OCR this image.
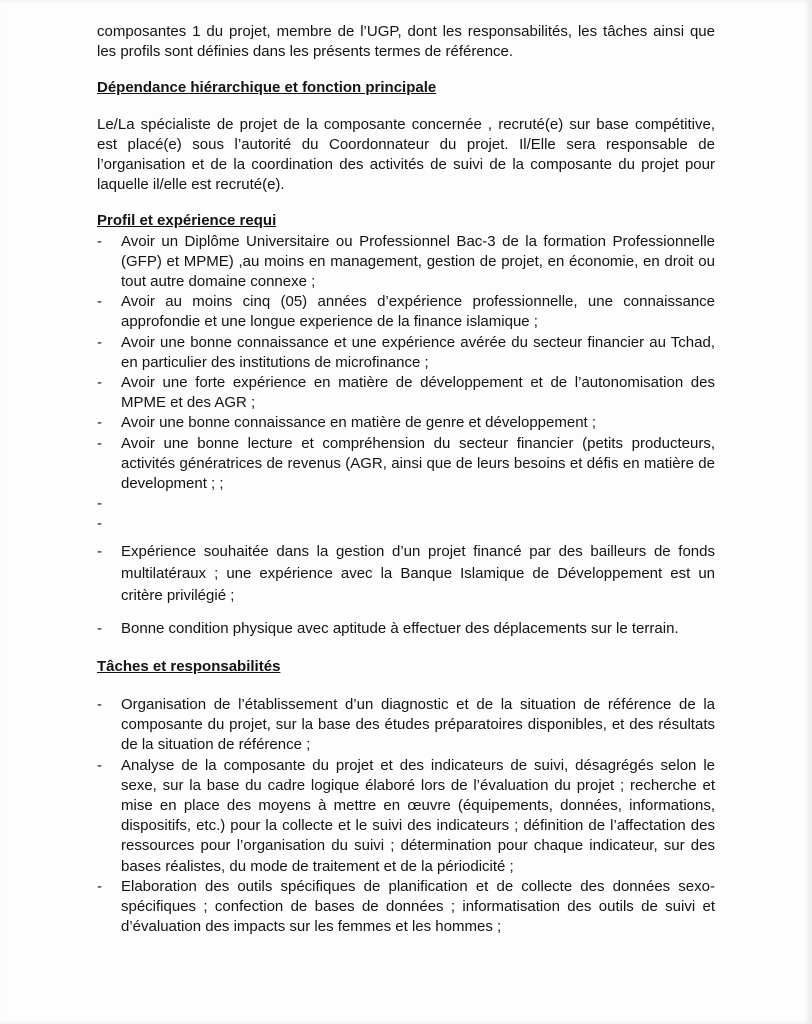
composantes 1 du projet, membre de l’UGP, dont les responsabilités, les tâches ainsi que les profils sont définies dans les présents termes de référence.

Dépendance hiérarchique et fonction principale

Le/La spécialiste de projet de la composante concernée , recruté(e) sur base compétitive, est placé(e) sous l’autorité du Coordonnateur du projet. Il/Elle sera responsable de l’organisation et de la coordination des activités de suivi de la composante du projet pour laquelle il/elle est recruté(e).

Profil et expérience requi

- Avoir un Diplôme Universitaire ou Professionnel Bac-3 de la formation Professionnelle (GFP) et MPME) ,au moins en management, gestion de projet, en économie, en droit ou tout autre domaine connexe ;
- Avoir au moins cinq (05) années d’expérience professionnelle, une connaissance approfondie et une longue experience de la finance islamique ;
- Avoir une bonne connaissance et une expérience avérée du secteur financier au Tchad, en particulier des institutions de microfinance ;
- Avoir une forte expérience en matière de développement et de l’autonomisation des MPME et des AGR ;
- Avoir une bonne connaissance en matière de genre et développement ;
- Avoir une bonne lecture et compréhension du secteur financier (petits producteurs, activités génératrices de revenus (AGR, ainsi que de leurs besoins et défis en matière de development ; ;
-
-
- Expérience souhaitée dans la gestion d’un projet financé par des bailleurs de fonds multilatéraux ; une expérience avec la Banque Islamique de Développement est un critère privilégié ;
- Bonne condition physique avec aptitude à effectuer des déplacements sur le terrain.

Tâches et responsabilités

- Organisation de l’établissement d’un diagnostic et de la situation de référence de la composante du projet, sur la base des études préparatoires disponibles, et des résultats de la situation de référence ;
- Analyse de la composante du projet et des indicateurs de suivi, désagrégés selon le sexe, sur la base du cadre logique élaboré lors de l’évaluation du projet ; recherche et mise en place des moyens à mettre en œuvre (équipements, données, informations, dispositifs, etc.) pour la collecte et le suivi des indicateurs ; définition de l’affectation des ressources pour l’organisation du suivi ; détermination pour chaque indicateur, sur des bases réalistes, du mode de traitement et de la périodicité ;
- Elaboration des outils spécifiques de planification et de collecte des données sexo-spécifiques ; confection de bases de données ; informatisation des outils de suivi et d’évaluation des impacts sur les femmes et les hommes ;
